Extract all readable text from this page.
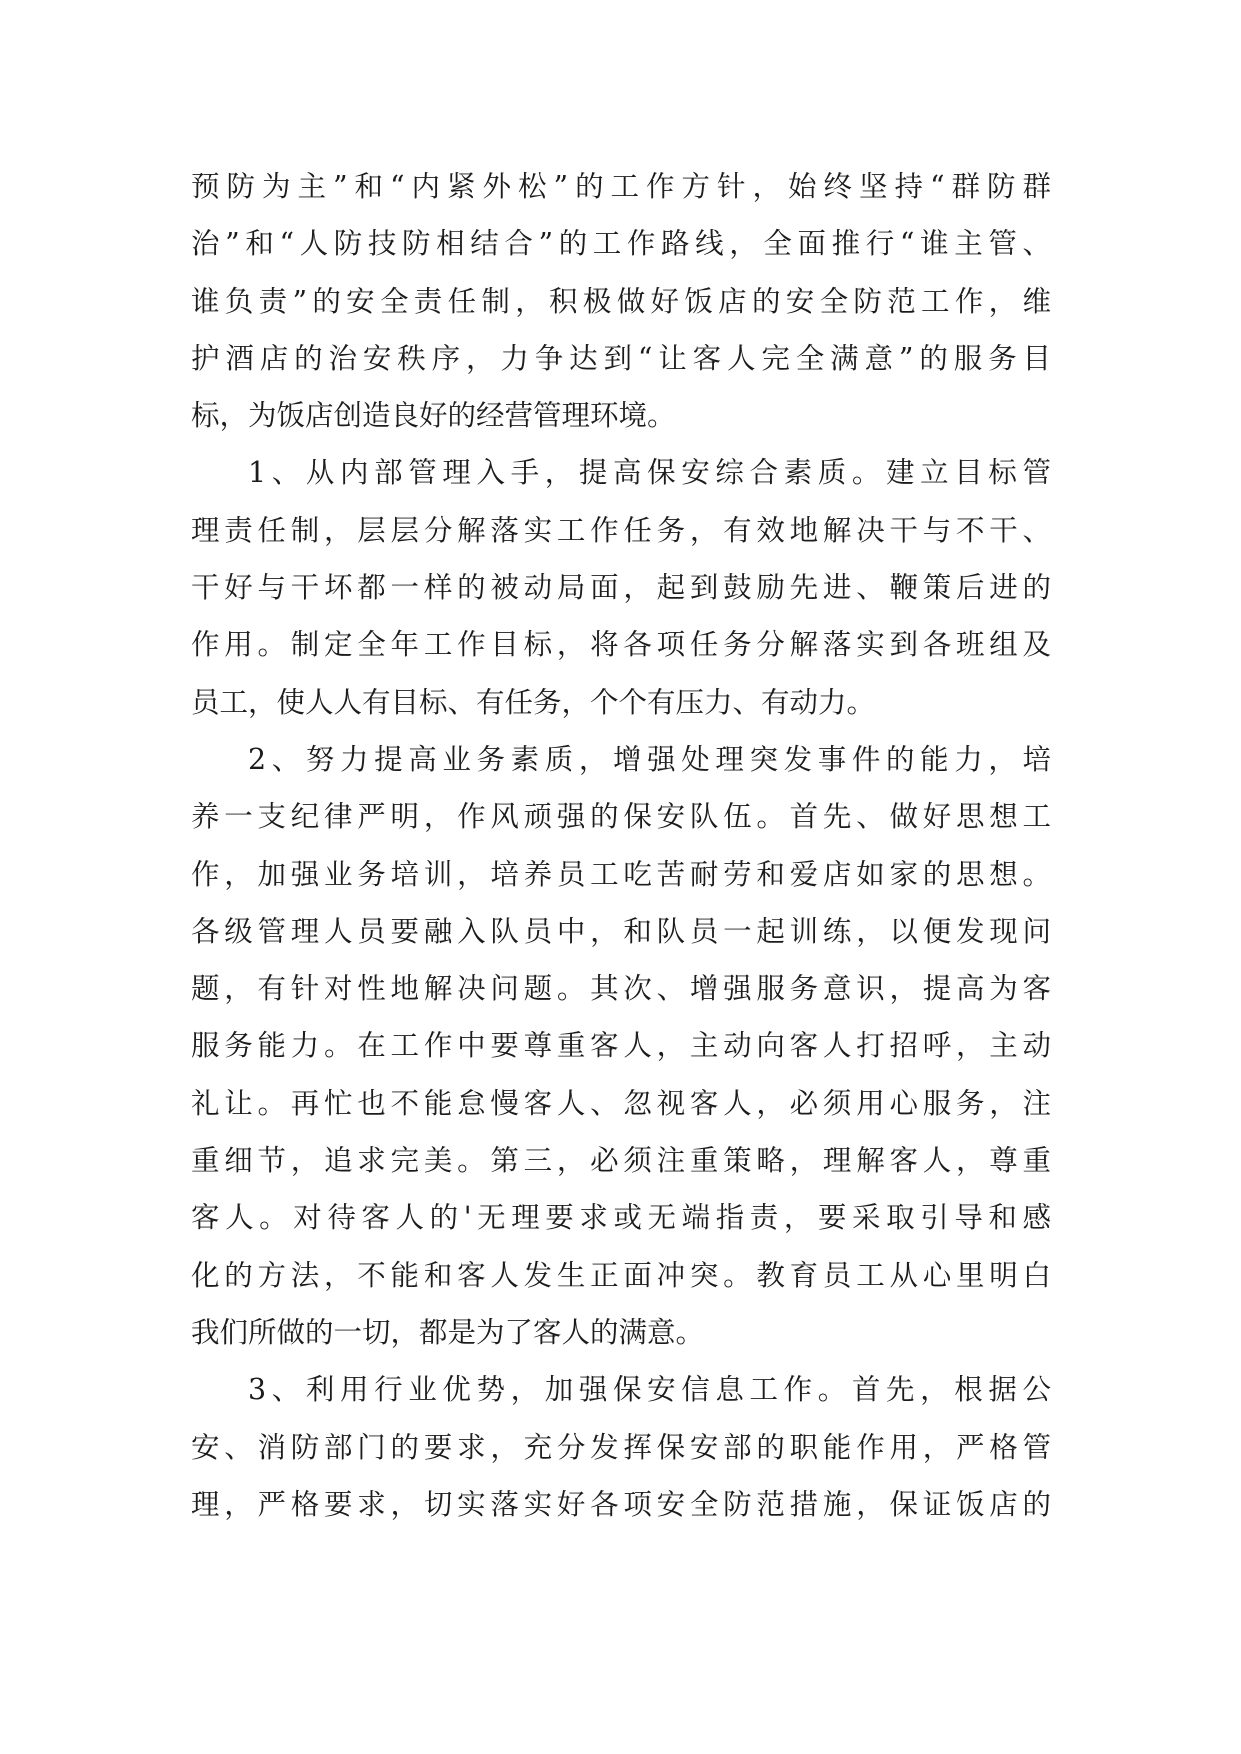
预防为主”和“内紧外松”的工作方针，始终坚持“群防群
治”和“人防技防相结合”的工作路线，全面推行“谁主管、
谁负责”的安全责任制，积极做好饭店的安全防范工作，维
护酒店的治安秩序，力争达到“让客人完全满意”的服务目
标，为饭店创造良好的经营管理环境。
1、从内部管理入手，提高保安综合素质。建立目标管
理责任制，层层分解落实工作任务，有效地解决干与不干、
干好与干坏都一样的被动局面，起到鼓励先进、鞭策后进的
作用。制定全年工作目标，将各项任务分解落实到各班组及
员工，使人人有目标、有任务，个个有压力、有动力。
2、努力提高业务素质，增强处理突发事件的能力，培
养一支纪律严明，作风顽强的保安队伍。首先、做好思想工
作，加强业务培训，培养员工吃苦耐劳和爱店如家的思想。
各级管理人员要融入队员中，和队员一起训练，以便发现问
题，有针对性地解决问题。其次、增强服务意识，提高为客
服务能力。在工作中要尊重客人，主动向客人打招呼，主动
礼让。再忙也不能怠慢客人、忽视客人，必须用心服务，注
重细节，追求完美。第三，必须注重策略，理解客人，尊重
客人。对待客人的'无理要求或无端指责，要采取引导和感
化的方法，不能和客人发生正面冲突。教育员工从心里明白
我们所做的一切，都是为了客人的满意。
3、利用行业优势，加强保安信息工作。首先，根据公
安、消防部门的要求，充分发挥保安部的职能作用，严格管
理，严格要求，切实落实好各项安全防范措施，保证饭店的
